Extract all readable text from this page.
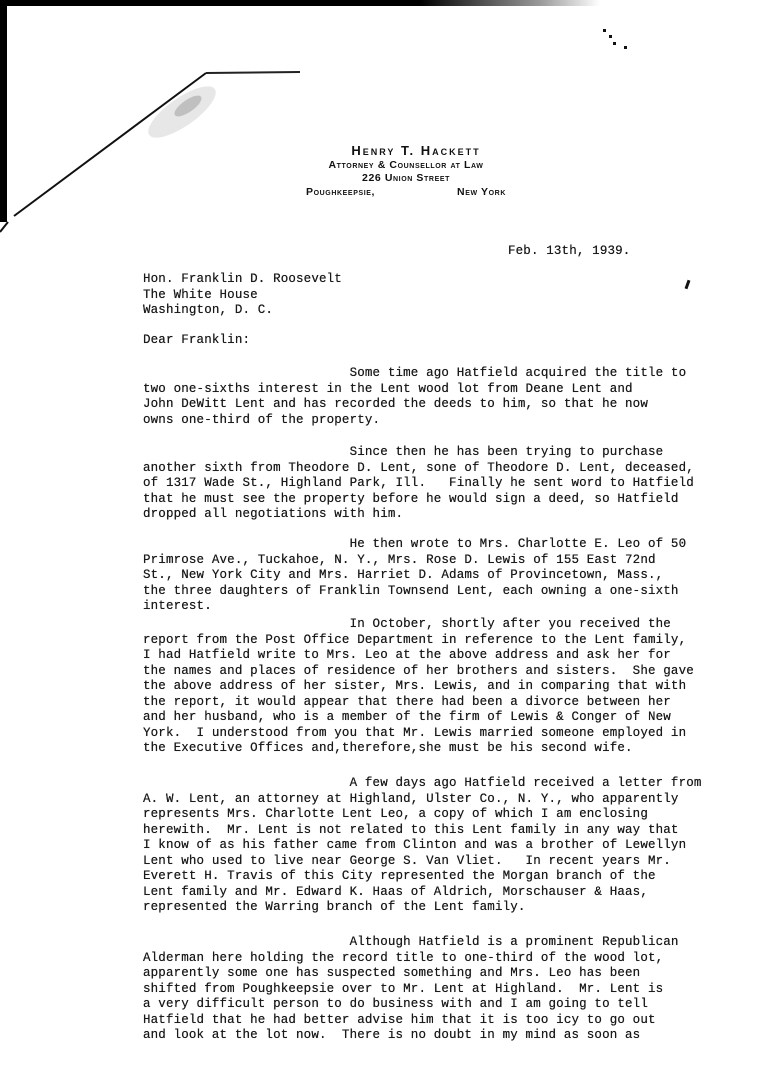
Henry T. Hackett
Attorney & Counsellor at Law
226 Union Street
Poughkeepsie,	New York
Feb. 13th, 1939.
Hon. Franklin D. Roosevelt
The White House
Washington, D. C.
Dear Franklin:
Some time ago Hatfield acquired the title to
two one-sixths interest in the Lent wood lot from Deane Lent and
John DeWitt Lent and has recorded the deeds to him, so that he now
owns one-third of the property.
Since then he has been trying to purchase
another sixth from Theodore D. Lent, sone of Theodore D. Lent, deceased,
of 1317 Wade St., Highland Park, Ill.   Finally he sent word to Hatfield
that he must see the property before he would sign a deed, so Hatfield
dropped all negotiations with him.
He then wrote to Mrs. Charlotte E. Leo of 50
Primrose Ave., Tuckahoe, N. Y., Mrs. Rose D. Lewis of 155 East 72nd
St., New York City and Mrs. Harriet D. Adams of Provincetown, Mass.,
the three daughters of Franklin Townsend Lent, each owning a one-sixth
interest.
In October, shortly after you received the
report from the Post Office Department in reference to the Lent family,
I had Hatfield write to Mrs. Leo at the above address and ask her for
the names and places of residence of her brothers and sisters.  She gave
the above address of her sister, Mrs. Lewis, and in comparing that with
the report, it would appear that there had been a divorce between her
and her husband, who is a member of the firm of Lewis & Conger of New
York.  I understood from you that Mr. Lewis married someone employed in
the Executive Offices and,therefore,she must be his second wife.
A few days ago Hatfield received a letter from
A. W. Lent, an attorney at Highland, Ulster Co., N. Y., who apparently
represents Mrs. Charlotte Lent Leo, a copy of which I am enclosing
herewith.  Mr. Lent is not related to this Lent family in any way that
I know of as his father came from Clinton and was a brother of Lewellyn
Lent who used to live near George S. Van Vliet.   In recent years Mr.
Everett H. Travis of this City represented the Morgan branch of the
Lent family and Mr. Edward K. Haas of Aldrich, Morschauser & Haas,
represented the Warring branch of the Lent family.
Although Hatfield is a prominent Republican
Alderman here holding the record title to one-third of the wood lot,
apparently some one has suspected something and Mrs. Leo has been
shifted from Poughkeepsie over to Mr. Lent at Highland.  Mr. Lent is
a very difficult person to do business with and I am going to tell
Hatfield that he had better advise him that it is too icy to go out
and look at the lot now.  There is no doubt in my mind as soon as
